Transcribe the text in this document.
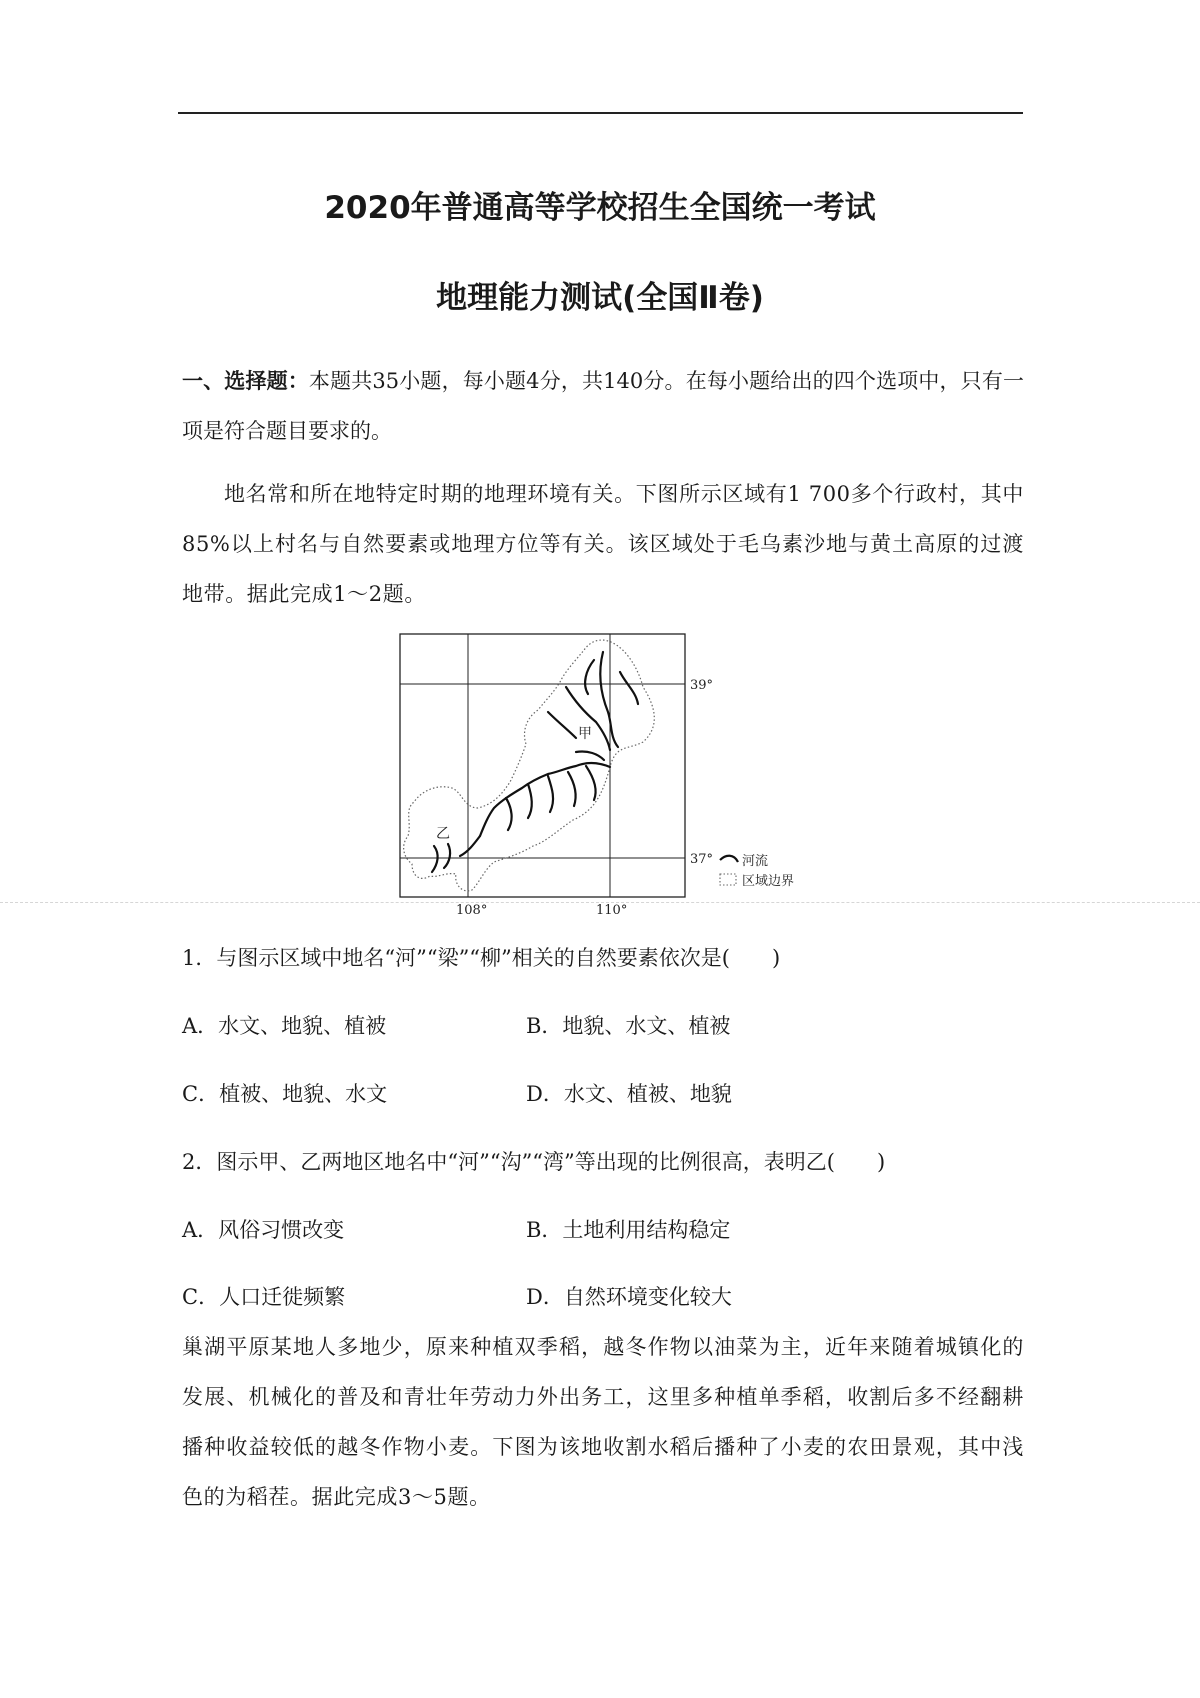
2020年普通高等学校招生全国统一考试
地理能力测试(全国Ⅱ卷)
一、选择题：本题共35小题，每小题4分，共140分。在每小题给出的四个选项中，只有一项是符合题目要求的。
地名常和所在地特定时期的地理环境有关。下图所示区域有1 700多个行政村，其中85%以上村名与自然要素或地理方位等有关。该区域处于毛乌素沙地与黄土高原的过渡地带。据此完成1～2题。
甲
乙
39°
37°
108°	110°
河流
区域边界
1．与图示区域中地名“河”“梁”“柳”相关的自然要素依次是(　　)
A．水文、地貌、植被	B．地貌、水文、植被
C．植被、地貌、水文	D．水文、植被、地貌
2．图示甲、乙两地区地名中“河”“沟”“湾”等出现的比例很高，表明乙(　　)
A．风俗习惯改变	B．土地利用结构稳定
C．人口迁徙频繁	D．自然环境变化较大
巢湖平原某地人多地少，原来种植双季稻，越冬作物以油菜为主，近年来随着城镇化的发展、机械化的普及和青壮年劳动力外出务工，这里多种植单季稻，收割后多不经翻耕播种收益较低的越冬作物小麦。下图为该地收割水稻后播种了小麦的农田景观，其中浅色的为稻茬。据此完成3～5题。
